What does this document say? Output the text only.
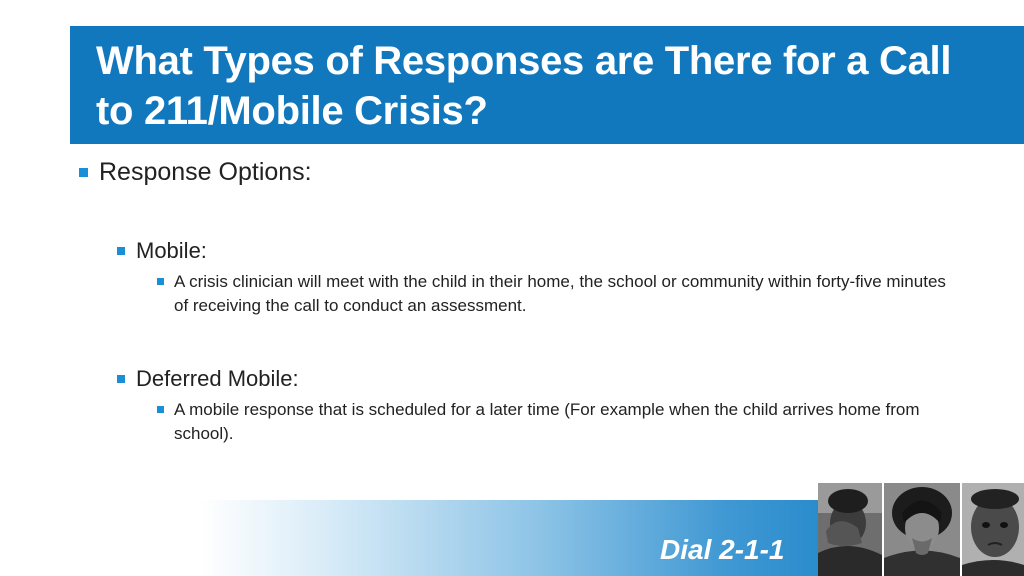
What Types of Responses are There for a Call to 211/Mobile Crisis?
Response Options:
Mobile:
A crisis clinician will meet with the child in their home, the school or community within forty-five minutes of receiving the call to conduct an assessment.
Deferred Mobile:
A mobile response that is scheduled for a later time (For example when the child arrives home from school).
Dial 2-1-1
